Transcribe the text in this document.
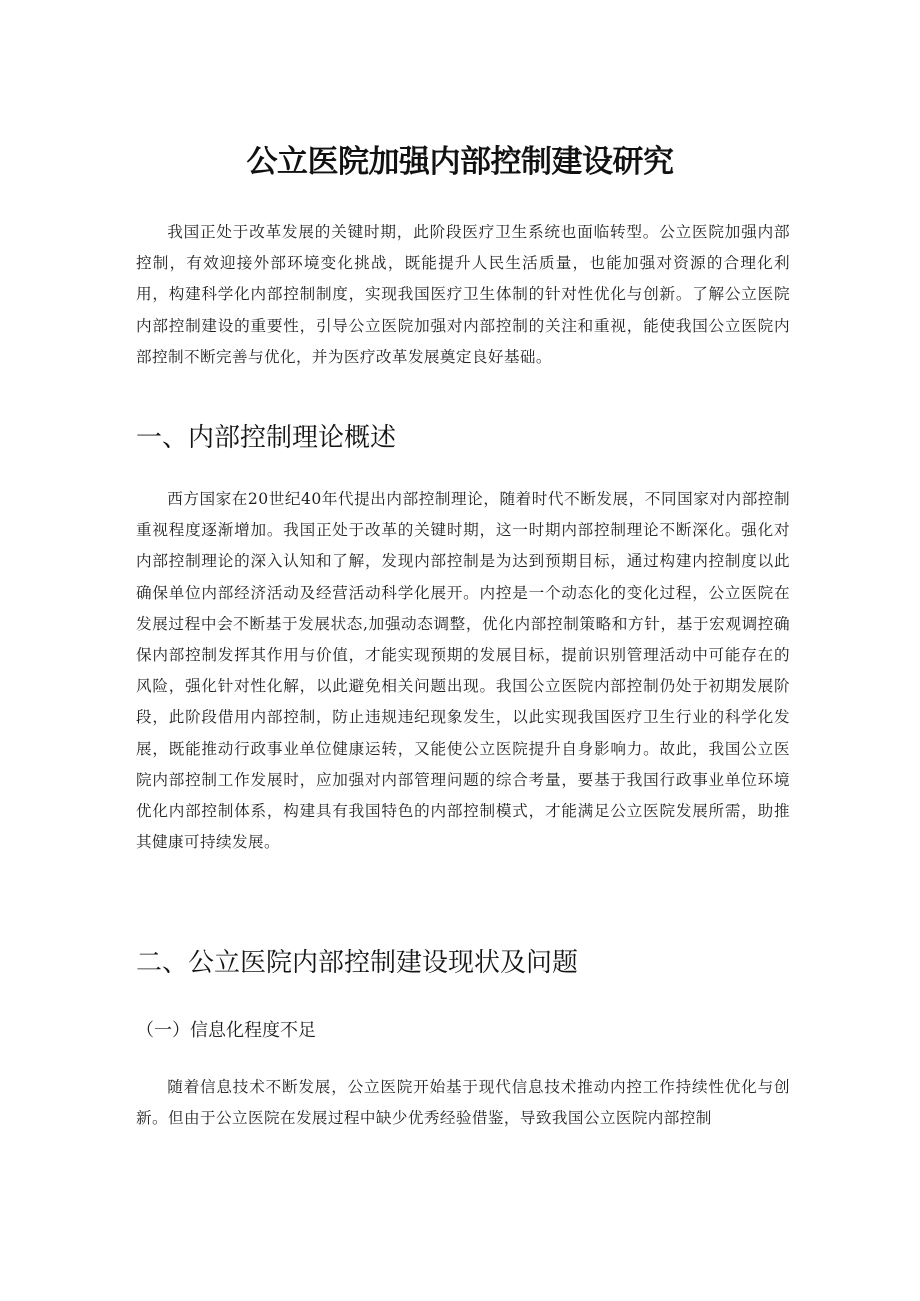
公立医院加强内部控制建设研究

我国正处于改革发展的关键时期，此阶段医疗卫生系统也面临转型。公立医院加强内部控制，有效迎接外部环境变化挑战，既能提升人民生活质量，也能加强对资源的合理化利用，构建科学化内部控制制度，实现我国医疗卫生体制的针对性优化与创新。了解公立医院内部控制建设的重要性，引导公立医院加强对内部控制的关注和重视，能使我国公立医院内部控制不断完善与优化，并为医疗改革发展奠定良好基础。

一、内部控制理论概述

西方国家在20世纪40年代提出内部控制理论，随着时代不断发展，不同国家对内部控制重视程度逐渐增加。我国正处于改革的关键时期，这一时期内部控制理论不断深化。强化对内部控制理论的深入认知和了解，发现内部控制是为达到预期目标，通过构建内控制度以此确保单位内部经济活动及经营活动科学化展开。内控是一个动态化的变化过程，公立医院在发展过程中会不断基于发展状态,加强动态调整，优化内部控制策略和方针，基于宏观调控确保内部控制发挥其作用与价值，才能实现预期的发展目标，提前识别管理活动中可能存在的风险，强化针对性化解，以此避免相关问题出现。我国公立医院内部控制仍处于初期发展阶段，此阶段借用内部控制，防止违规违纪现象发生，以此实现我国医疗卫生行业的科学化发展，既能推动行政事业单位健康运转，又能使公立医院提升自身影响力。故此，我国公立医院内部控制工作发展时，应加强对内部管理问题的综合考量，要基于我国行政事业单位环境优化内部控制体系，构建具有我国特色的内部控制模式，才能满足公立医院发展所需，助推其健康可持续发展。

二、公立医院内部控制建设现状及问题
（一）信息化程度不足

随着信息技术不断发展，公立医院开始基于现代信息技术推动内控工作持续性优化与创新。但由于公立医院在发展过程中缺少优秀经验借鉴，导致我国公立医院内部控制
